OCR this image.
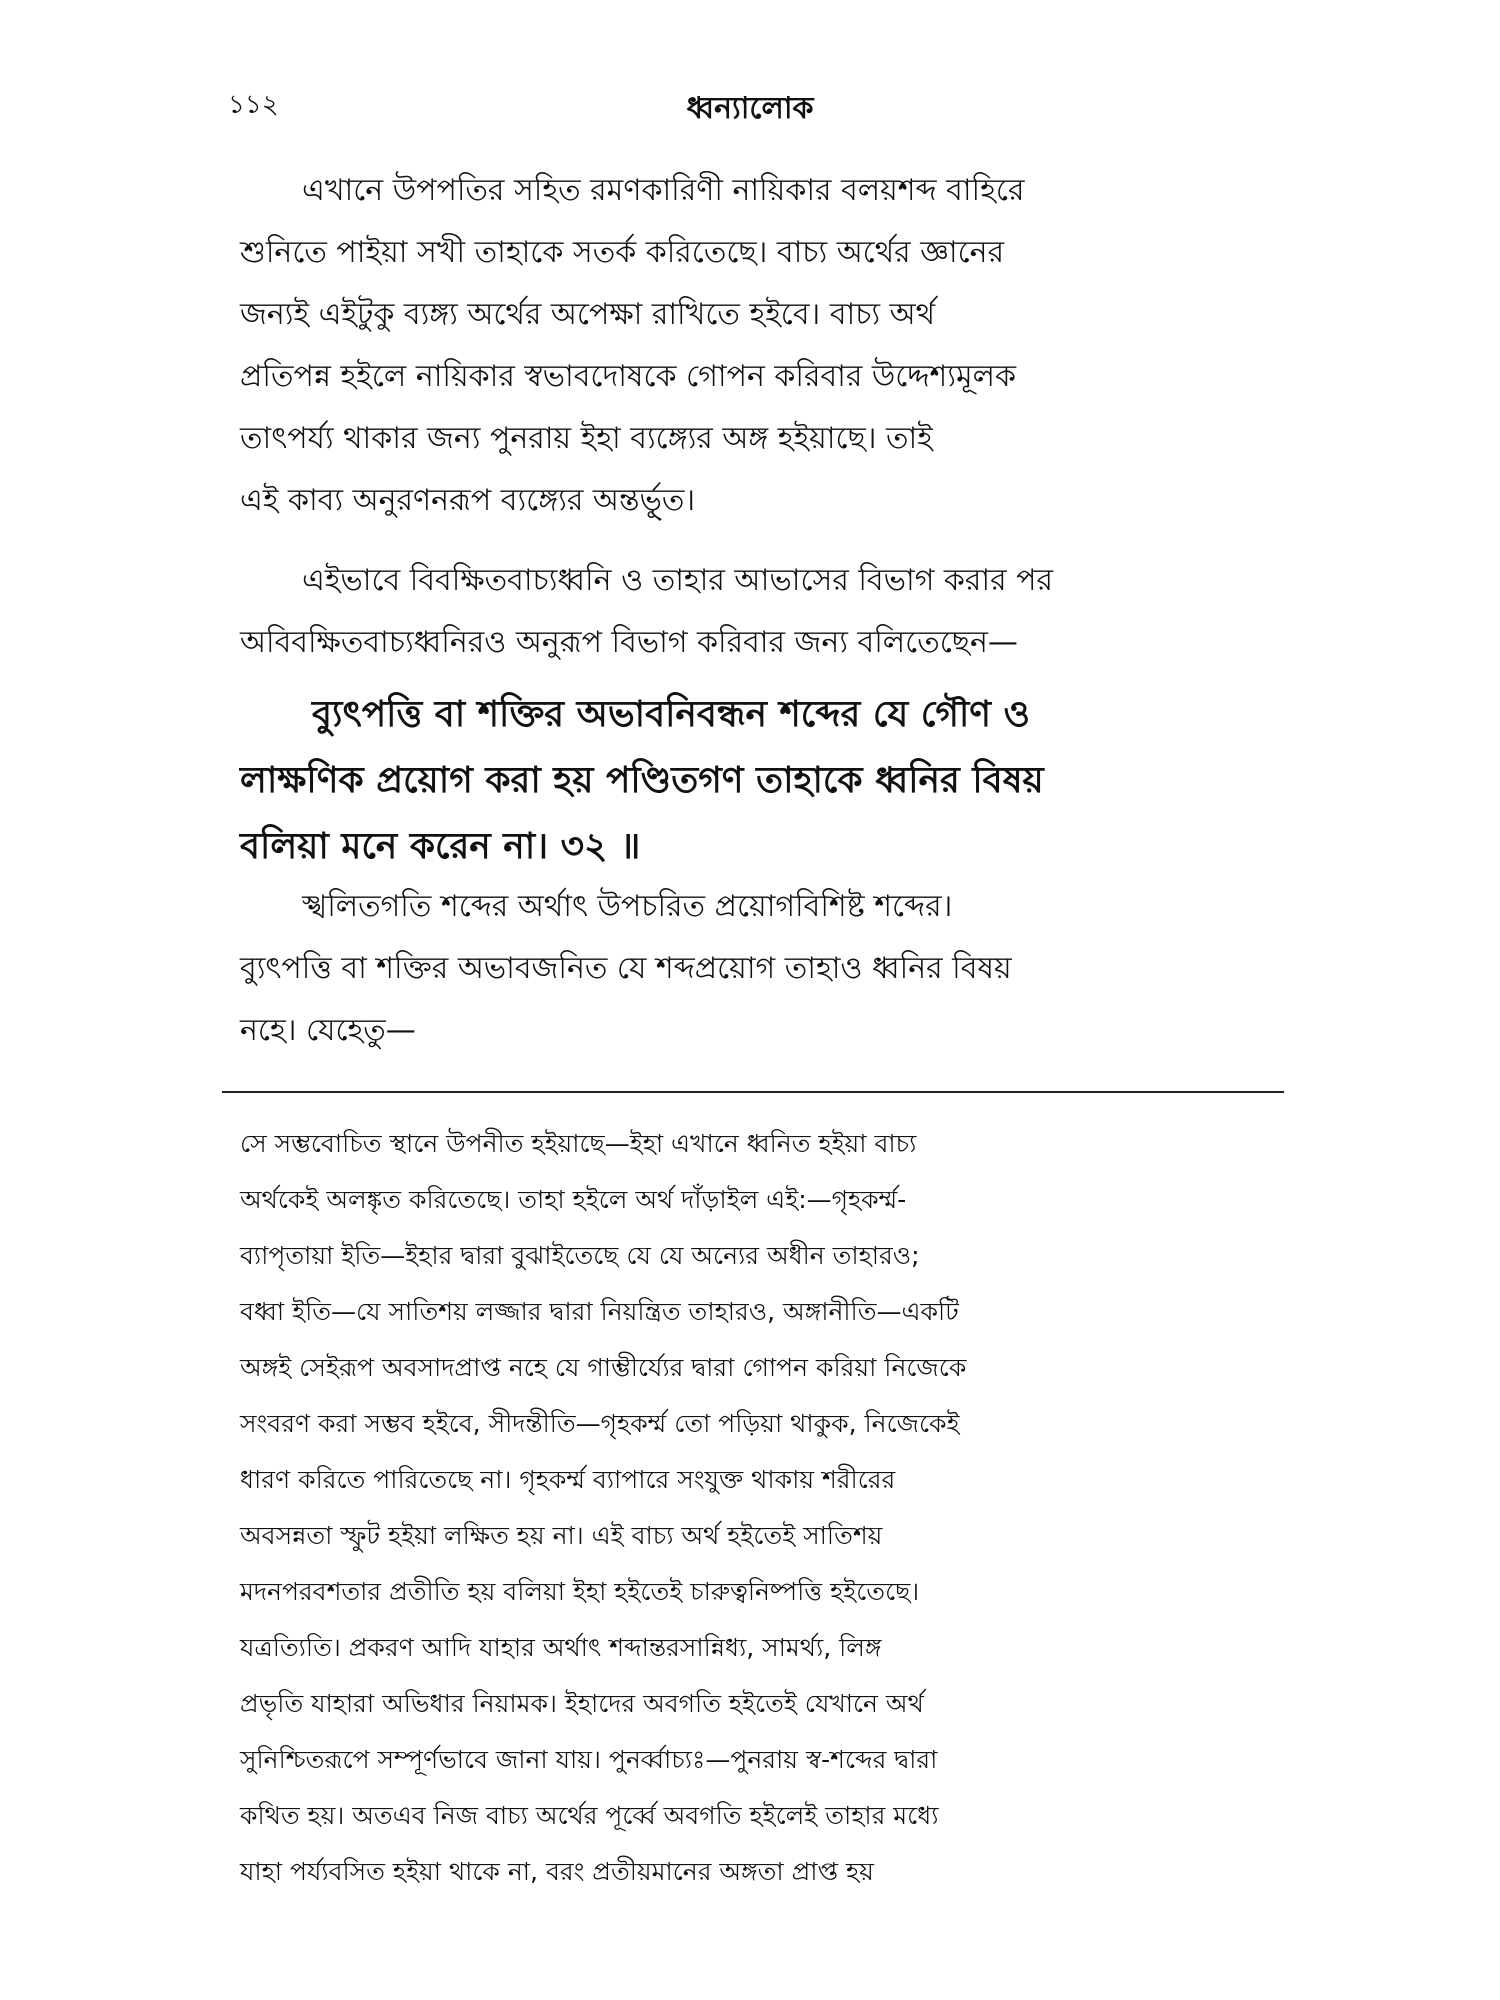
১১২	ধ্বন্যালোক
এখানে উপপতির সহিত রমণকারিণী নায়িকার বলয়শব্দ বাহিরে
শুনিতে পাইয়া সখী তাহাকে সতর্ক করিতেছে। বাচ্য অর্থের জ্ঞানের
জন্যই এইটুকু ব্যঙ্গ্য অর্থের অপেক্ষা রাখিতে হইবে। বাচ্য অর্থ
প্রতিপন্ন হইলে নায়িকার স্বভাবদোষকে গোপন করিবার উদ্দেশ্যমূলক
তাৎপর্য্য থাকার জন্য পুনরায় ইহা ব্যঙ্গ্যের অঙ্গ হইয়াছে। তাই
এই কাব্য অনুরণনরূপ ব্যঙ্গ্যের অন্তর্ভূ্ত।
এইভাবে বিবক্ষিতবাচ্যধ্বনি ও তাহার আভাসের বিভাগ করার পর
অবিবক্ষিতবাচ্যধ্বনিরও অনুরূপ বিভাগ করিবার জন্য বলিতেছেন—
ব্যুৎপত্তি বা শক্তির অভাবনিবন্ধন শব্দের যে গৌণ ও
লাক্ষণিক প্রয়োগ করা হয় পণ্ডিতগণ তাহাকে ধ্বনির বিষয়
বলিয়া মনে করেন না। ৩২ ॥
স্খলিতগতি শব্দের অর্থাৎ উপচরিত প্রয়োগবিশিষ্ট শব্দের।
ব্যুৎপত্তি বা শক্তির অভাবজনিত যে শব্দপ্রয়োগ তাহাও ধ্বনির বিষয়
নহে। যেহেতু—
সে সম্ভবোচিত স্থানে উপনীত হইয়াছে—ইহা এখানে ধ্বনিত হইয়া বাচ্য
অর্থকেই অলঙ্কৃত করিতেছে। তাহা হইলে অর্থ দাঁড়াইল এই:—গৃহকর্ম্ম-
ব্যাপৃতায়া ইতি—ইহার দ্বারা বুঝাইতেছে যে যে অন্যের অধীন তাহারও;
বধ্বা ইতি—যে সাতিশয় লজ্জার দ্বারা নিয়ন্ত্রিত তাহারও, অঙ্গানীতি—একটি
অঙ্গই সেইরূপ অবসাদপ্রাপ্ত নহে যে গাম্ভীর্য্যের দ্বারা গোপন করিয়া নিজেকে
সংবরণ করা সম্ভব হইবে, সীদন্তীতি—গৃহকর্ম্ম তো পড়িয়া থাকুক, নিজেকেই
ধারণ করিতে পারিতেছে না। গৃহকর্ম্ম ব্যাপারে সংযুক্ত থাকায় শরীরের
অবসন্নতা স্ফুট হইয়া লক্ষিত হয় না। এই বাচ্য অর্থ হইতেই সাতিশয়
মদনপরবশতার প্রতীতি হয় বলিয়া ইহা হইতেই চারুত্বনিষ্পত্তি হইতেছে।
যত্রত্যিতি। প্রকরণ আদি যাহার অর্থাৎ শব্দান্তরসান্নিধ্য, সামর্থ্য, লিঙ্গ
প্রভৃতি যাহারা অভিধার নিয়ামক। ইহাদের অবগতি হইতেই যেখানে অর্থ
সুনিশ্চিতরূপে সম্পূর্ণভাবে জানা যায়। পুনর্ব্বাচ্যঃ—পুনরায় স্ব-শব্দের দ্বারা
কথিত হয়। অতএব নিজ বাচ্য অর্থের পূর্ব্বে অবগতি হইলেই তাহার মধ্যে
যাহা পর্য্যবসিত হইয়া থাকে না, বরং প্রতীয়মানের অঙ্গতা প্রাপ্ত হয়
